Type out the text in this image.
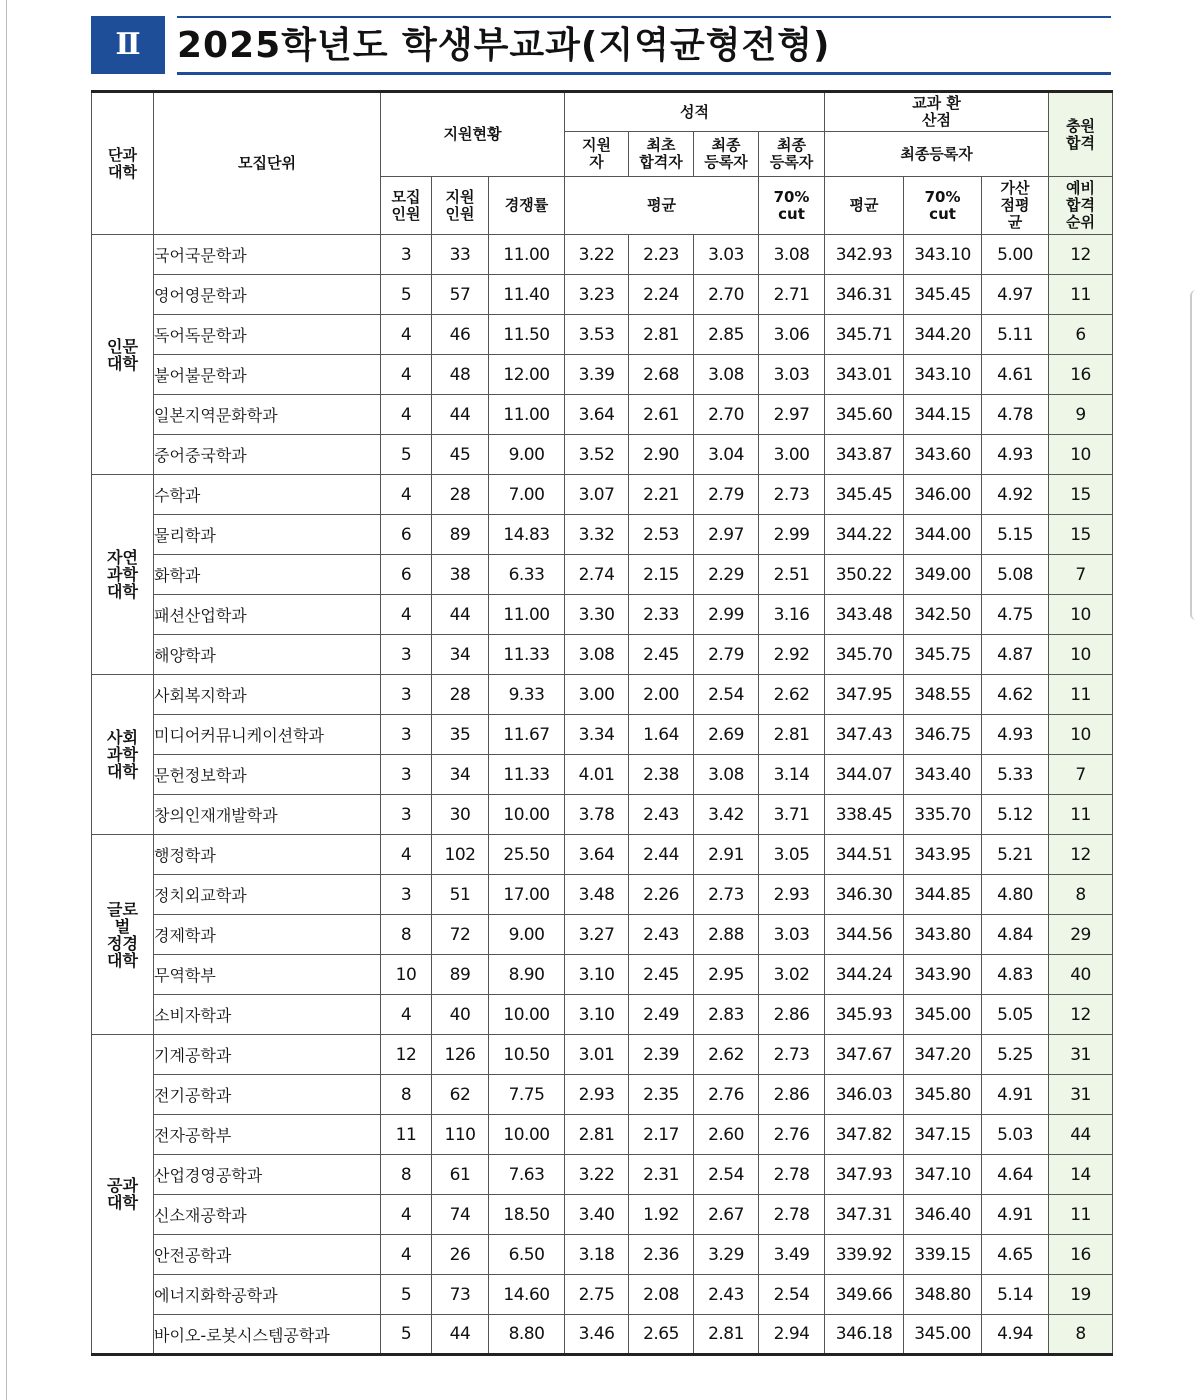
Ⅱ	2025학년도 학생부교과(지역균형전형)
단과 대학	모집단위	지원현황			성적				교과 환산점			충원 합격
					지원 자	최초 합격자	최종 등록자	최종 등록자	최종등록자			
		모집 인원	지원 인원	경쟁률	평균			70% cut	평균	70% cut	가산 점평 균	예비 합격 순위
인문 대학	국어국문학과	3	33	11.00	3.22	2.23	3.03	3.08	342.93	343.10	5.00	12
	영어영문학과	5	57	11.40	3.23	2.24	2.70	2.71	346.31	345.45	4.97	11
	독어독문학과	4	46	11.50	3.53	2.81	2.85	3.06	345.71	344.20	5.11	6
	불어불문학과	4	48	12.00	3.39	2.68	3.08	3.03	343.01	343.10	4.61	16
	일본지역문화학과	4	44	11.00	3.64	2.61	2.70	2.97	345.60	344.15	4.78	9
	중어중국학과	5	45	9.00	3.52	2.90	3.04	3.00	343.87	343.60	4.93	10
자연 과학 대학	수학과	4	28	7.00	3.07	2.21	2.79	2.73	345.45	346.00	4.92	15
	물리학과	6	89	14.83	3.32	2.53	2.97	2.99	344.22	344.00	5.15	15
	화학과	6	38	6.33	2.74	2.15	2.29	2.51	350.22	349.00	5.08	7
	패션산업학과	4	44	11.00	3.30	2.33	2.99	3.16	343.48	342.50	4.75	10
	해양학과	3	34	11.33	3.08	2.45	2.79	2.92	345.70	345.75	4.87	10
사회 과학 대학	사회복지학과	3	28	9.33	3.00	2.00	2.54	2.62	347.95	348.55	4.62	11
	미디어커뮤니케이션학과	3	35	11.67	3.34	1.64	2.69	2.81	347.43	346.75	4.93	10
	문헌정보학과	3	34	11.33	4.01	2.38	3.08	3.14	344.07	343.40	5.33	7
	창의인재개발학과	3	30	10.00	3.78	2.43	3.42	3.71	338.45	335.70	5.12	11
글로 벌 정경 대학	행정학과	4	102	25.50	3.64	2.44	2.91	3.05	344.51	343.95	5.21	12
	정치외교학과	3	51	17.00	3.48	2.26	2.73	2.93	346.30	344.85	4.80	8
	경제학과	8	72	9.00	3.27	2.43	2.88	3.03	344.56	343.80	4.84	29
	무역학부	10	89	8.90	3.10	2.45	2.95	3.02	344.24	343.90	4.83	40
	소비자학과	4	40	10.00	3.10	2.49	2.83	2.86	345.93	345.00	5.05	12
공과 대학	기계공학과	12	126	10.50	3.01	2.39	2.62	2.73	347.67	347.20	5.25	31
	전기공학과	8	62	7.75	2.93	2.35	2.76	2.86	346.03	345.80	4.91	31
	전자공학부	11	110	10.00	2.81	2.17	2.60	2.76	347.82	347.15	5.03	44
	산업경영공학과	8	61	7.63	3.22	2.31	2.54	2.78	347.93	347.10	4.64	14
	신소재공학과	4	74	18.50	3.40	1.92	2.67	2.78	347.31	346.40	4.91	11
	안전공학과	4	26	6.50	3.18	2.36	3.29	3.49	339.92	339.15	4.65	16
	에너지화학공학과	5	73	14.60	2.75	2.08	2.43	2.54	349.66	348.80	5.14	19
	바이오-로봇시스템공학과	5	44	8.80	3.46	2.65	2.81	2.94	346.18	345.00	4.94	8
